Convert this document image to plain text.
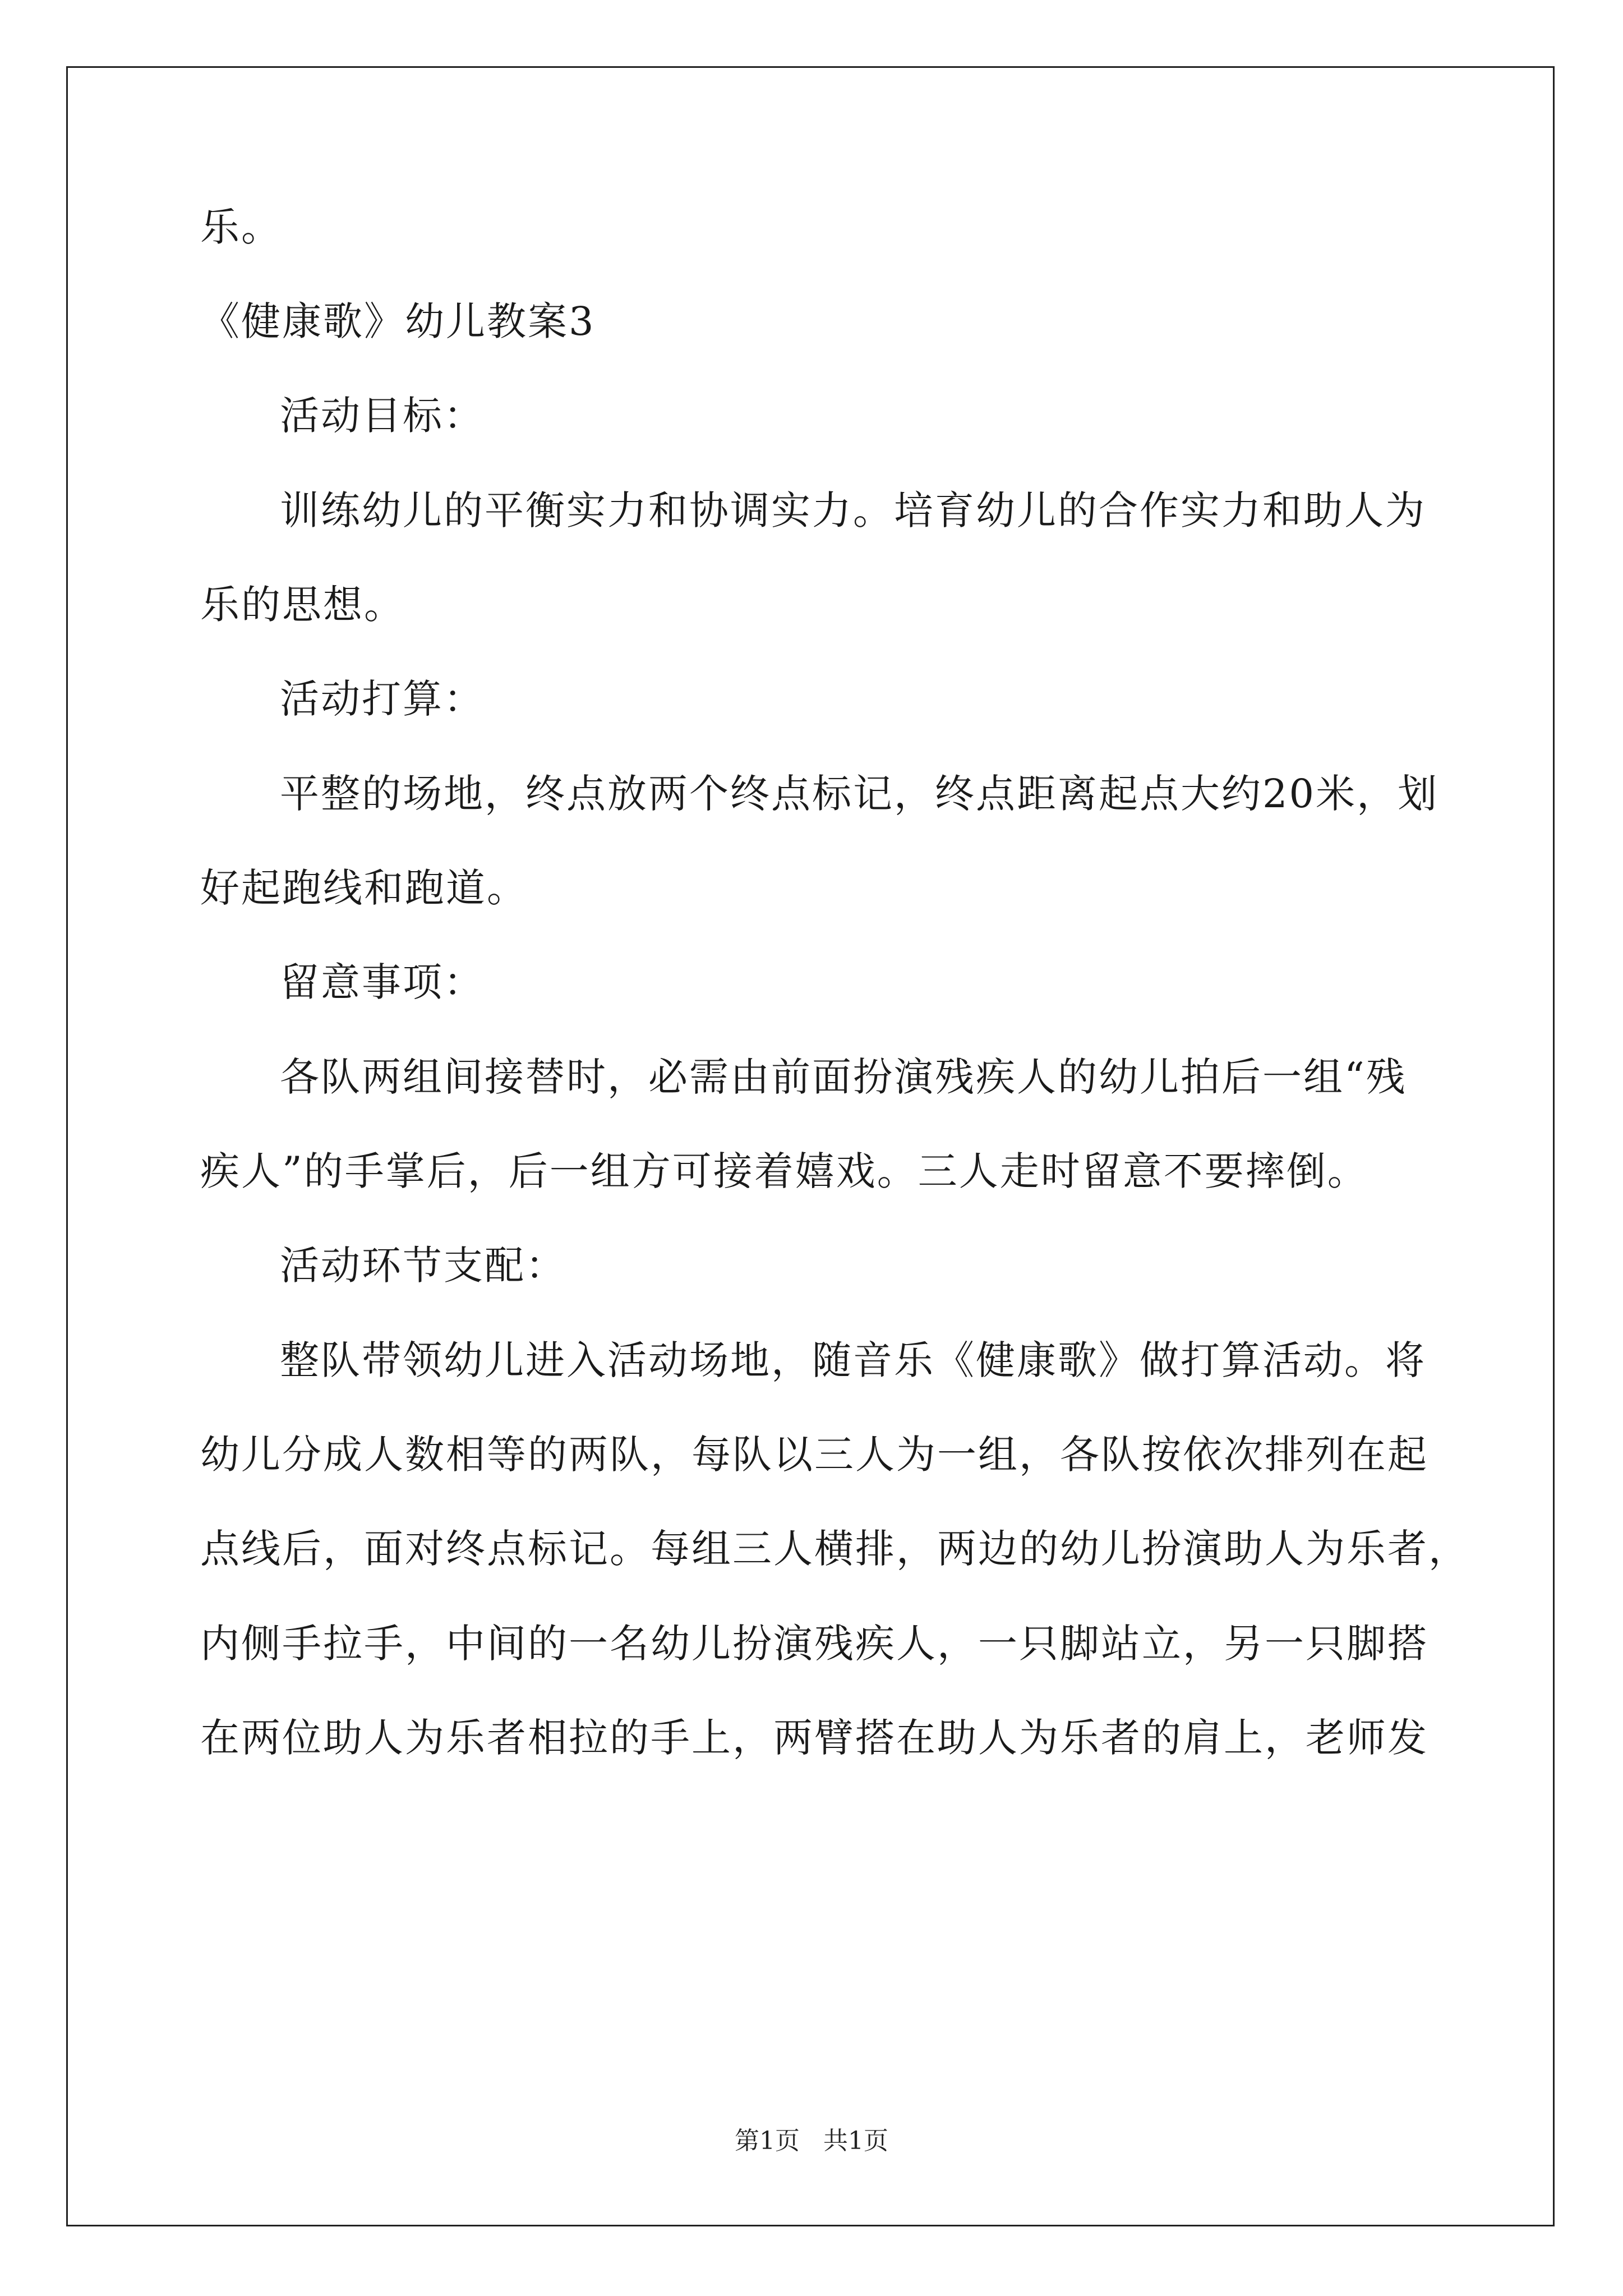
乐。

《健康歌》幼儿教案3

活动目标：

训练幼儿的平衡实力和协调实力。培育幼儿的合作实力和助人为

乐的思想。

活动打算：

平整的场地，终点放两个终点标记，终点距离起点大约20米，划

好起跑线和跑道。

留意事项：

各队两组间接替时，必需由前面扮演残疾人的幼儿拍后一组“残

疾人”的手掌后，后一组方可接着嬉戏。三人走时留意不要摔倒。

活动环节支配：

整队带领幼儿进入活动场地，随音乐《健康歌》做打算活动。将

幼儿分成人数相等的两队，每队以三人为一组，各队按依次排列在起

点线后，面对终点标记。每组三人横排，两边的幼儿扮演助人为乐者，

内侧手拉手，中间的一名幼儿扮演残疾人，一只脚站立，另一只脚搭

在两位助人为乐者相拉的手上，两臂搭在助人为乐者的肩上，老师发

第1页   共1页
